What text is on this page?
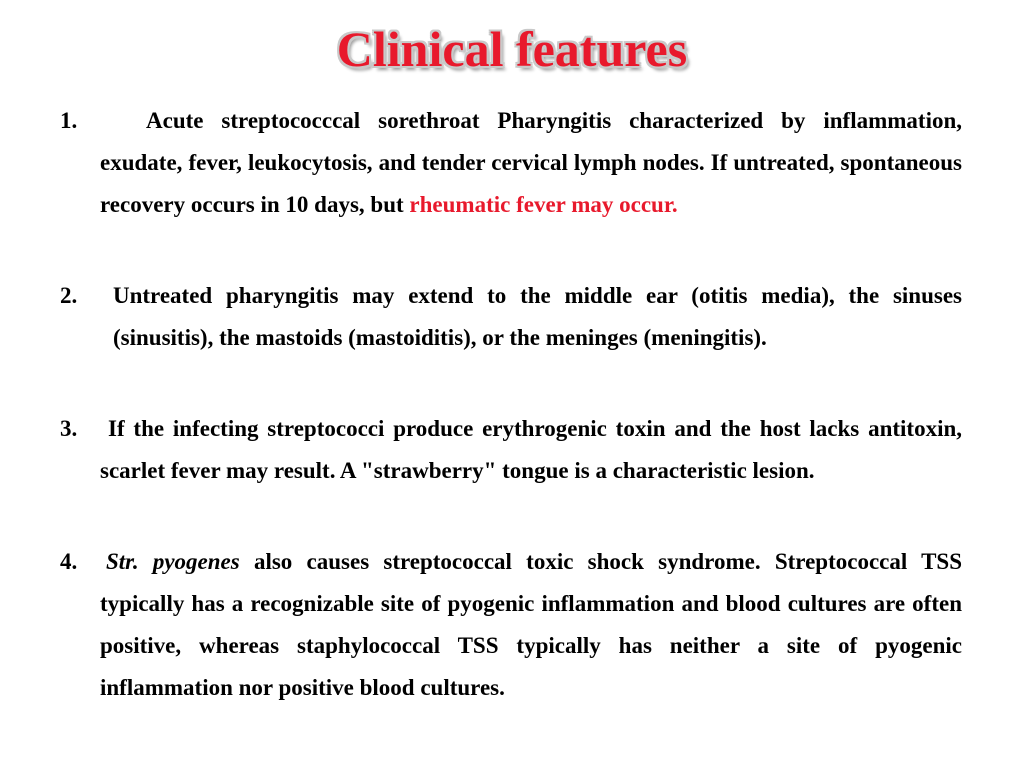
Clinical features
1.	Acute streptococccal sorethroat Pharyngitis characterized by inflammation, exudate, fever, leukocytosis, and tender cervical lymph nodes. If untreated, spontaneous recovery occurs in 10 days, but rheumatic fever may occur.
2. Untreated pharyngitis may extend to the middle ear (otitis media), the sinuses (sinusitis), the mastoids (mastoiditis), or the meninges (meningitis).
3.	If the infecting streptococci produce erythrogenic toxin and the host lacks antitoxin, scarlet fever may result. A "strawberry" tongue is a characteristic lesion.
4. Str. pyogenes also causes streptococcal toxic shock syndrome. Streptococcal TSS typically has a recognizable site of pyogenic inflammation and blood cultures are often positive, whereas staphylococcal TSS typically has neither a site of pyogenic inflammation nor positive blood cultures.
